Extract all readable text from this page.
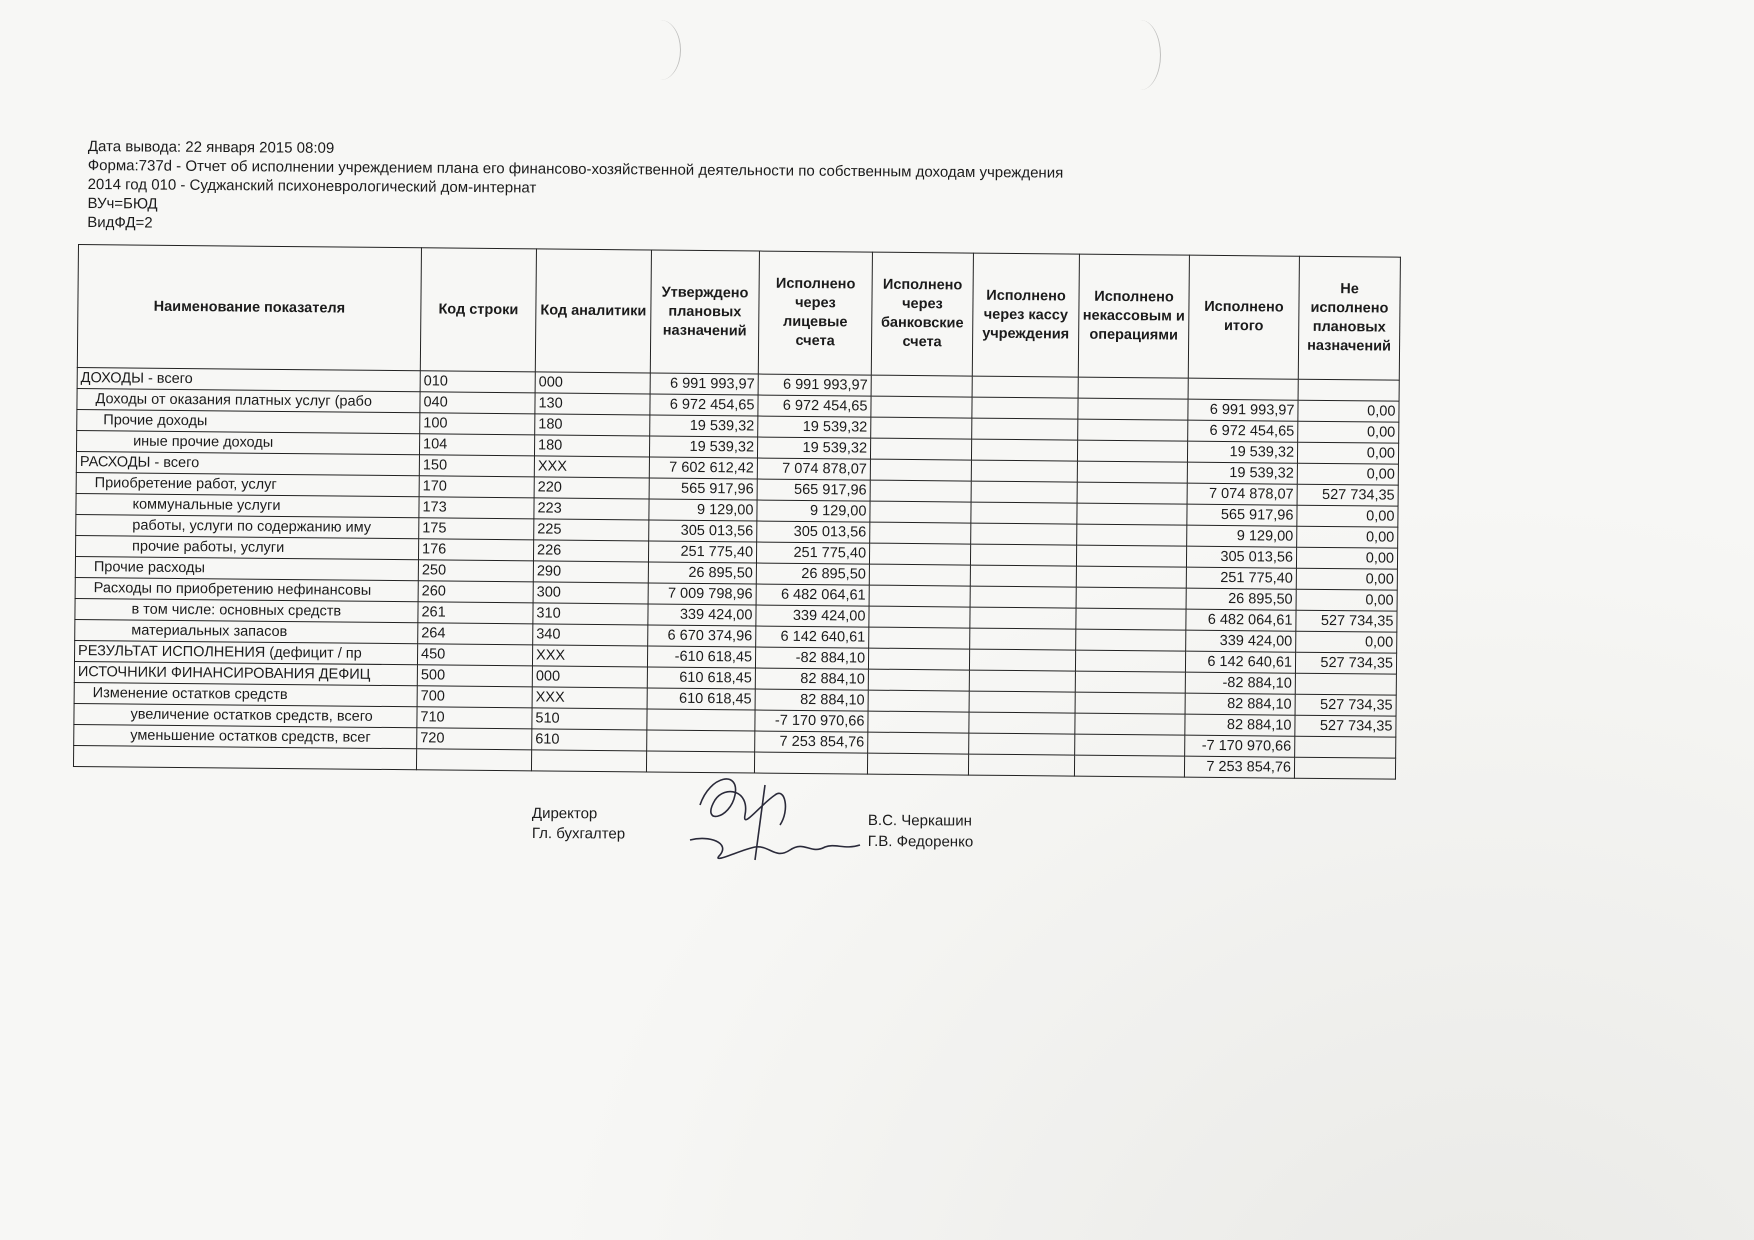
Дата вывода: 22 января 2015 08:09
Форма:737d - Отчет об исполнении учреждением плана его финансово-хозяйственной деятельности по собственным доходам учреждения
2014 год 010 - Суджанский психоневрологический дом-интернат
ВУч=БЮД
ВидФД=2
Наименование показателя	Код строки	Код аналитики	Утверждено плановых назначений	Исполнено через лицевые счета	Исполнено через банковские счета	Исполнено через кассу учреждения	Исполнено некассовым и операциями	Исполнено итого	Не исполнено плановых назначений
ДОХОДЫ - всего	010	000	6 991 993,97	6 991 993,97					
Доходы от оказания платных услуг (рабо	040	130	6 972 454,65	6 972 454,65				6 991 993,97	0,00
Прочие доходы	100	180	19 539,32	19 539,32				6 972 454,65	0,00
иные прочие доходы	104	180	19 539,32	19 539,32				19 539,32	0,00
РАСХОДЫ - всего	150	XXX	7 602 612,42	7 074 878,07				19 539,32	0,00
Приобретение работ, услуг	170	220	565 917,96	565 917,96				7 074 878,07	527 734,35
коммунальные услуги	173	223	9 129,00	9 129,00				565 917,96	0,00
работы, услуги по содержанию иму	175	225	305 013,56	305 013,56				9 129,00	0,00
прочие работы, услуги	176	226	251 775,40	251 775,40				305 013,56	0,00
Прочие расходы	250	290	26 895,50	26 895,50				251 775,40	0,00
Расходы по приобретению нефинансовы	260	300	7 009 798,96	6 482 064,61				26 895,50	0,00
в том числе: основных средств	261	310	339 424,00	339 424,00				6 482 064,61	527 734,35
материальных запасов	264	340	6 670 374,96	6 142 640,61				339 424,00	0,00
РЕЗУЛЬТАТ ИСПОЛНЕНИЯ (дефицит / пр	450	XXX	-610 618,45	-82 884,10				6 142 640,61	527 734,35
ИСТОЧНИКИ ФИНАНСИРОВАНИЯ ДЕФИЦ	500	000	610 618,45	82 884,10				-82 884,10	
Изменение остатков средств	700	XXX	610 618,45	82 884,10				82 884,10	527 734,35
увеличение остатков средств, всего	710	510		-7 170 970,66				82 884,10	527 734,35
уменьшение остатков средств, всег	720	610		7 253 854,76				-7 170 970,66	
								7 253 854,76	
Директор
Гл. бухгалтер
В.С. Черкашин
Г.В. Федоренко
